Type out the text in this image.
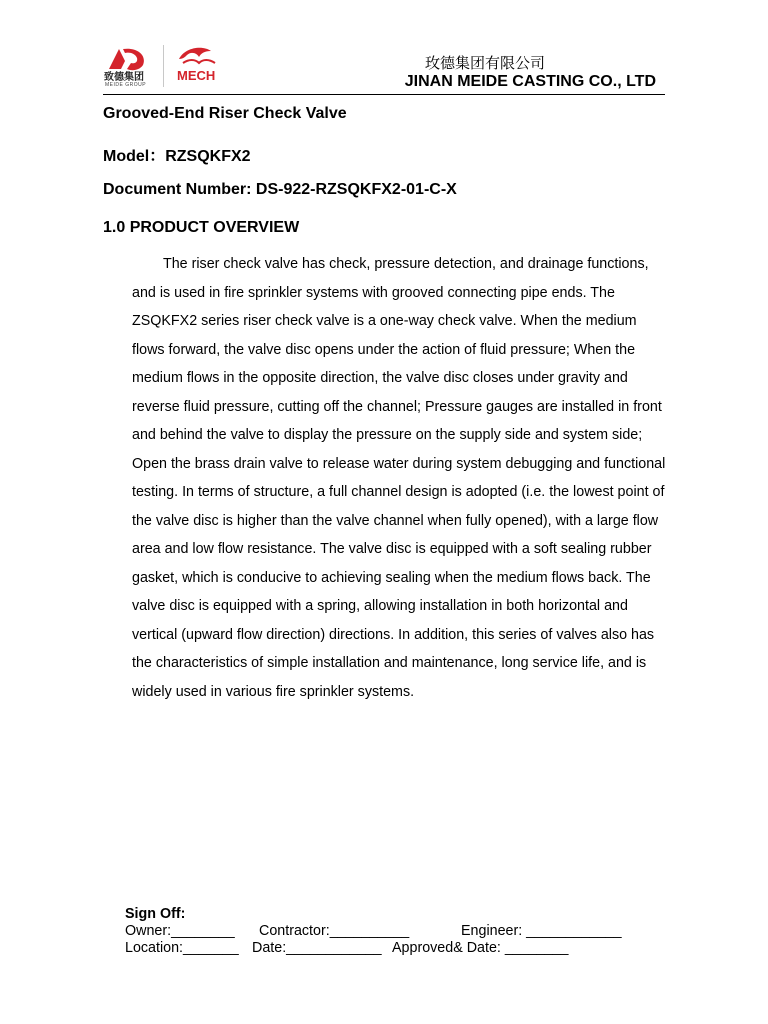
致德集团
MEIDE GROUP
MECH
玫德集团有限公司
JINAN MEIDE CASTING CO., LTD
Grooved-End Riser Check Valve
Model：RZSQKFX2
Document Number: DS-922-RZSQKFX2-01-C-X
1.0 PRODUCT OVERVIEW

The riser check valve has check, pressure detection, and drainage functions, and is used in fire sprinkler systems with grooved connecting pipe ends. The ZSQKFX2 series riser check valve is a one-way check valve. When the medium flows forward, the valve disc opens under the action of fluid pressure; When the medium flows in the opposite direction, the valve disc closes under gravity and reverse fluid pressure, cutting off the channel; Pressure gauges are installed in front and behind the valve to display the pressure on the supply side and system side; Open the brass drain valve to release water during system debugging and functional testing. In terms of structure, a full channel design is adopted (i.e. the lowest point of the valve disc is higher than the valve channel when fully opened), with a large flow area and low flow resistance. The valve disc is equipped with a soft sealing rubber gasket, which is conducive to achieving sealing when the medium flows back. The valve disc is equipped with a spring, allowing installation in both horizontal and vertical (upward flow direction) directions. In addition, this series of valves also has the characteristics of simple installation and maintenance, long service life, and is widely used in various fire sprinkler systems.

Sign Off:
Owner:________ Contractor:__________	Engineer: ____________
Location:_______ Date:____________ Approved& Date: ________
